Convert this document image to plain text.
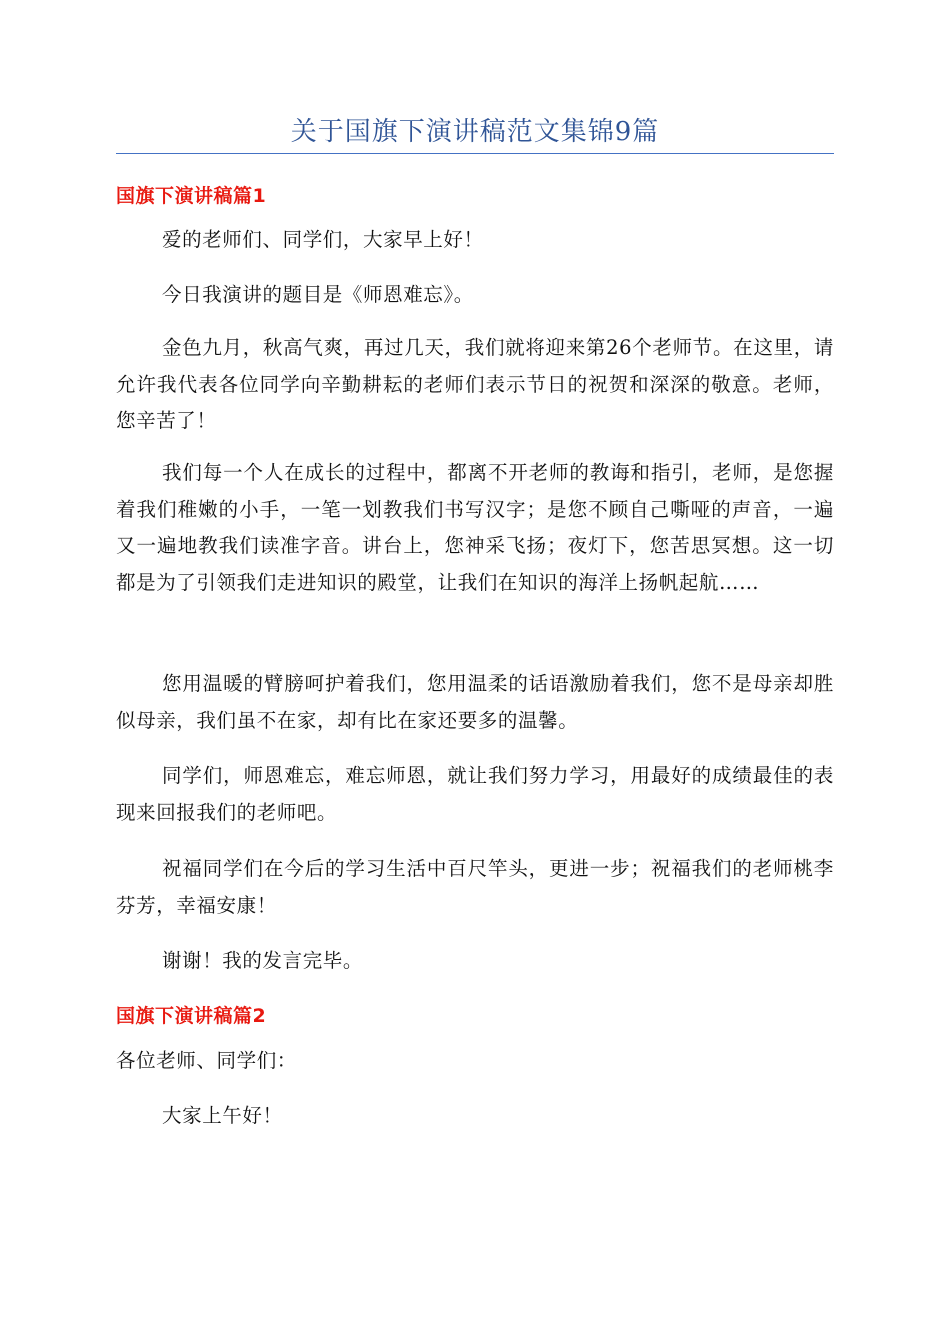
关于国旗下演讲稿范文集锦9篇
国旗下演讲稿篇1

爱的老师们、同学们，大家早上好！

今日我演讲的题目是《师恩难忘》。

金色九月，秋高气爽，再过几天，我们就将迎来第26个老师节。在这里，请允许我代表各位同学向辛勤耕耘的老师们表示节日的祝贺和深深的敬意。老师，您辛苦了！

我们每一个人在成长的过程中，都离不开老师的教诲和指引，老师，是您握着我们稚嫩的小手，一笔一划教我们书写汉字；是您不顾自己嘶哑的声音，一遍又一遍地教我们读准字音。讲台上，您神采飞扬；夜灯下，您苦思冥想。这一切都是为了引领我们走进知识的殿堂，让我们在知识的海洋上扬帆起航……

您用温暖的臂膀呵护着我们，您用温柔的话语激励着我们，您不是母亲却胜似母亲，我们虽不在家，却有比在家还要多的温馨。

同学们，师恩难忘，难忘师恩，就让我们努力学习，用最好的成绩最佳的表现来回报我们的老师吧。

祝福同学们在今后的学习生活中百尺竿头，更进一步；祝福我们的老师桃李芬芳，幸福安康！

谢谢！我的发言完毕。

国旗下演讲稿篇2

各位老师、同学们：

大家上午好！
